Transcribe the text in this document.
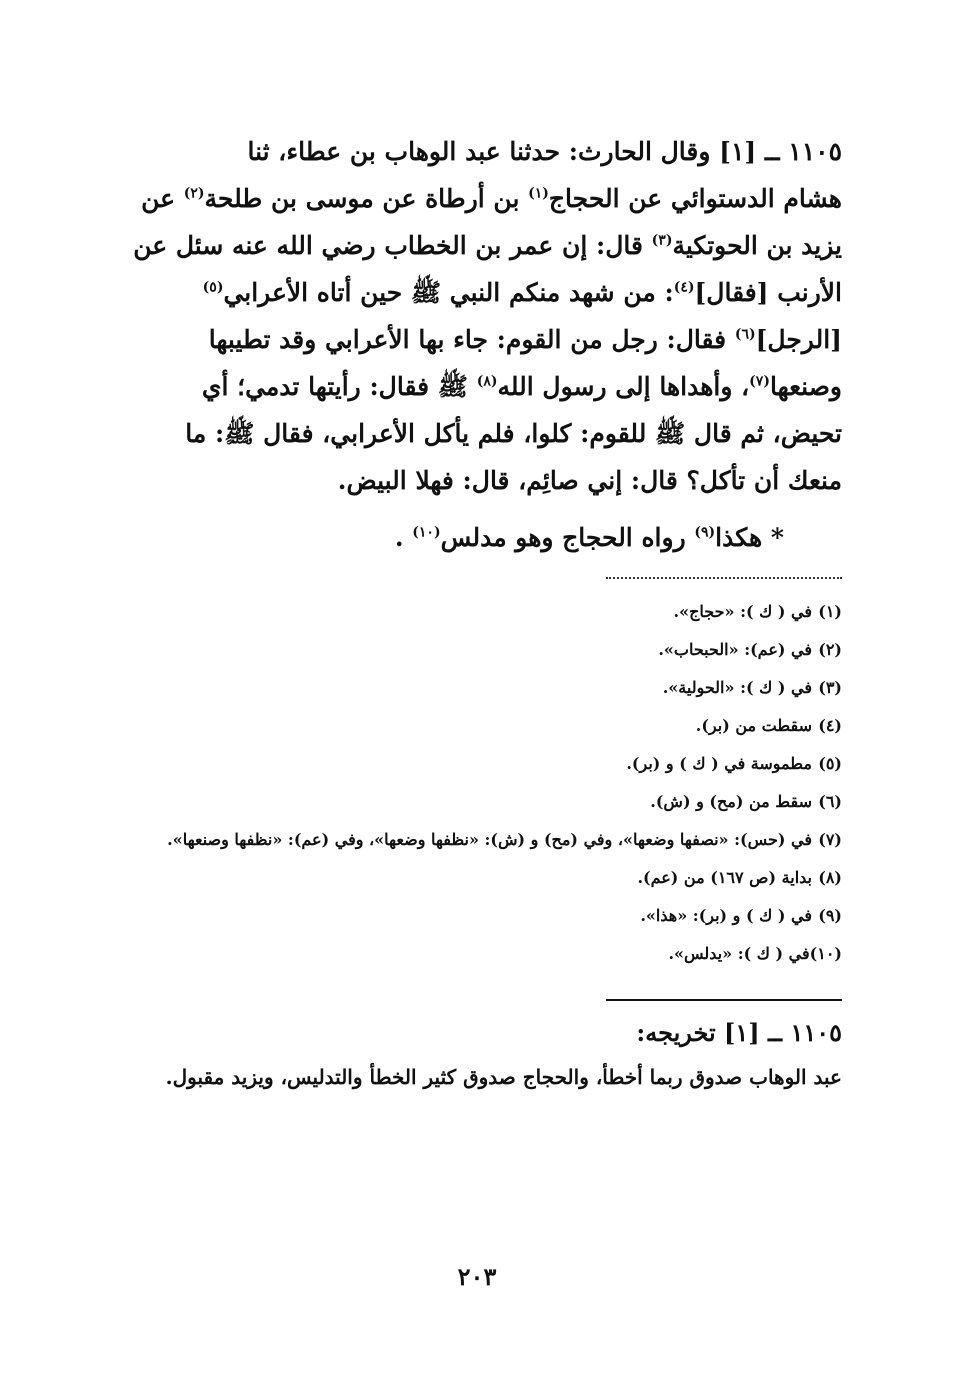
١١٠٥ ــ [١] وقال الحارث: حدثنا عبد الوهاب بن عطاء، ثنا

هشام الدستوائي عن الحجاج$^{(١)}$ بن أرطاة عن موسى بن طلحة$^{(٢)}$ عن

يزيد بن الحوتكية$^{(٣)}$ قال: إن عمر بن الخطاب رضي الله عنه سئل عن

الأرنب [فقال]$^{(٤)}$: من شهد منكم النبي ﷺ حين أتاه الأعرابي$^{(٥)}$

[الرجل]$^{(٦)}$ فقال: رجل من القوم: جاء بها الأعرابي وقد تطيبها

وصنعها$^{(٧)}$، وأهداها إلى رسول الله$^{(٨)}$ ﷺ فقال: رأيتها تدمي؛ أي

تحيض، ثم قال ﷺ للقوم: كلوا، فلم يأكل الأعرابي، فقال ﷺ: ما

منعك أن تأكل؟ قال: إني صائِم، قال: فهلا البيض.

* هكذا$^{(٩)}$ رواه الحجاج وهو مدلس$^{(١٠)}$ .
(١)
في ( ك ): «حجاج».
(٢)
في (عم): «الحبحاب».
(٣)
في ( ك ): «الحولية».
(٤)
سقطت من (بر).
(٥)
مطموسة في ( ك ) و (بر).
(٦)
سقط من (مح) و (ش).
(٧)
في (حس): «نصفها وضعها»، وفي (مح) و (ش): «نظفها وضعها»، وفي (عم): «نظفها وصنعها».
(٨)
بداية (ص ١٦٧) من (عم).
(٩)
في ( ك ) و (بر): «هذا».
(١٠)
في ( ك ): «يدلس».
١١٠٥ ــ [١] تخريجه:
عبد الوهاب صدوق ربما أخطأ، والحجاج صدوق كثير الخطأ والتدليس، ويزيد مقبول.
٢٠٣
